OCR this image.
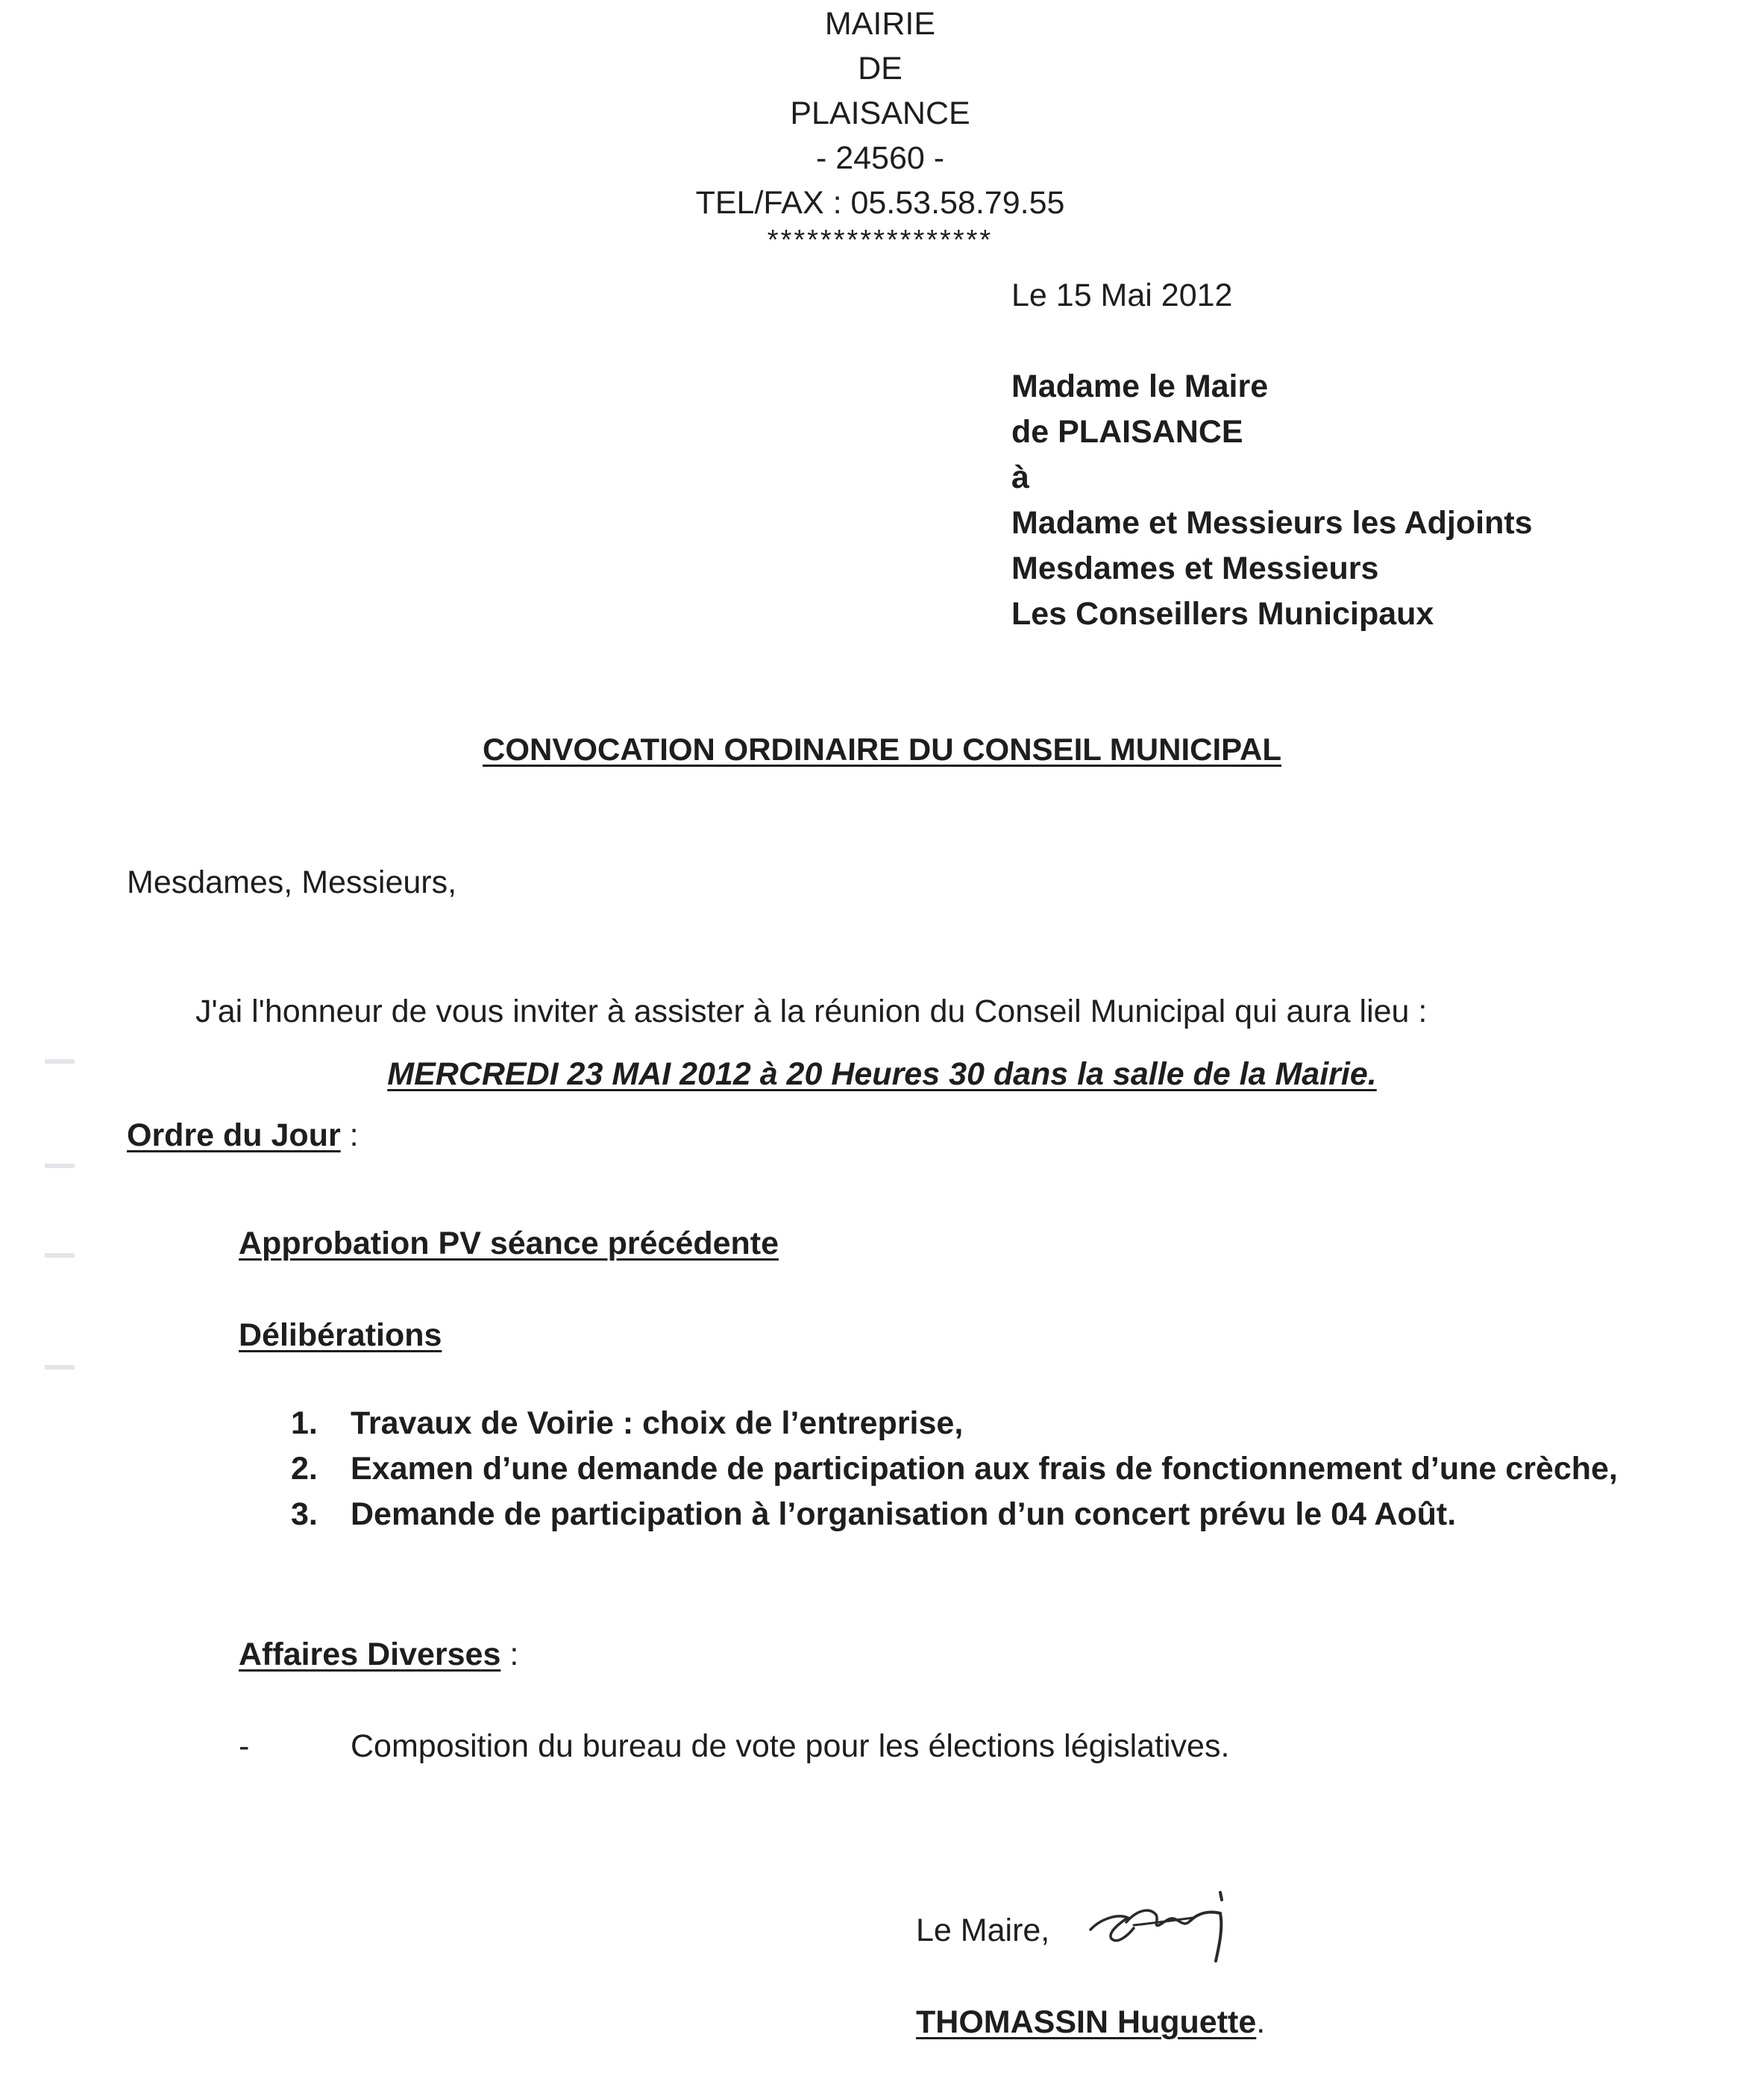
MAIRIE
DE
PLAISANCE
- 24560 -
TEL/FAX : 05.53.58.79.55
*****************
Le 15 Mai 2012
Madame le Maire
de PLAISANCE
à
Madame et Messieurs les Adjoints
Mesdames et Messieurs
Les Conseillers Municipaux
CONVOCATION ORDINAIRE DU CONSEIL MUNICIPAL
Mesdames, Messieurs,
J'ai l'honneur de vous inviter à assister à la réunion du Conseil Municipal qui aura lieu :
MERCREDI 23 MAI 2012 à 20 Heures 30 dans la salle de la Mairie.
Ordre du Jour :
Approbation PV séance précédente
Délibérations
1. Travaux de Voirie : choix de l’entreprise,
2. Examen d’une demande de participation aux frais de fonctionnement d’une crèche,
3. Demande de participation à l’organisation d’un concert prévu le 04 Août.
Affaires Diverses :
-	Composition du bureau de vote pour les élections législatives.
Le Maire,
THOMASSIN Huguette.
